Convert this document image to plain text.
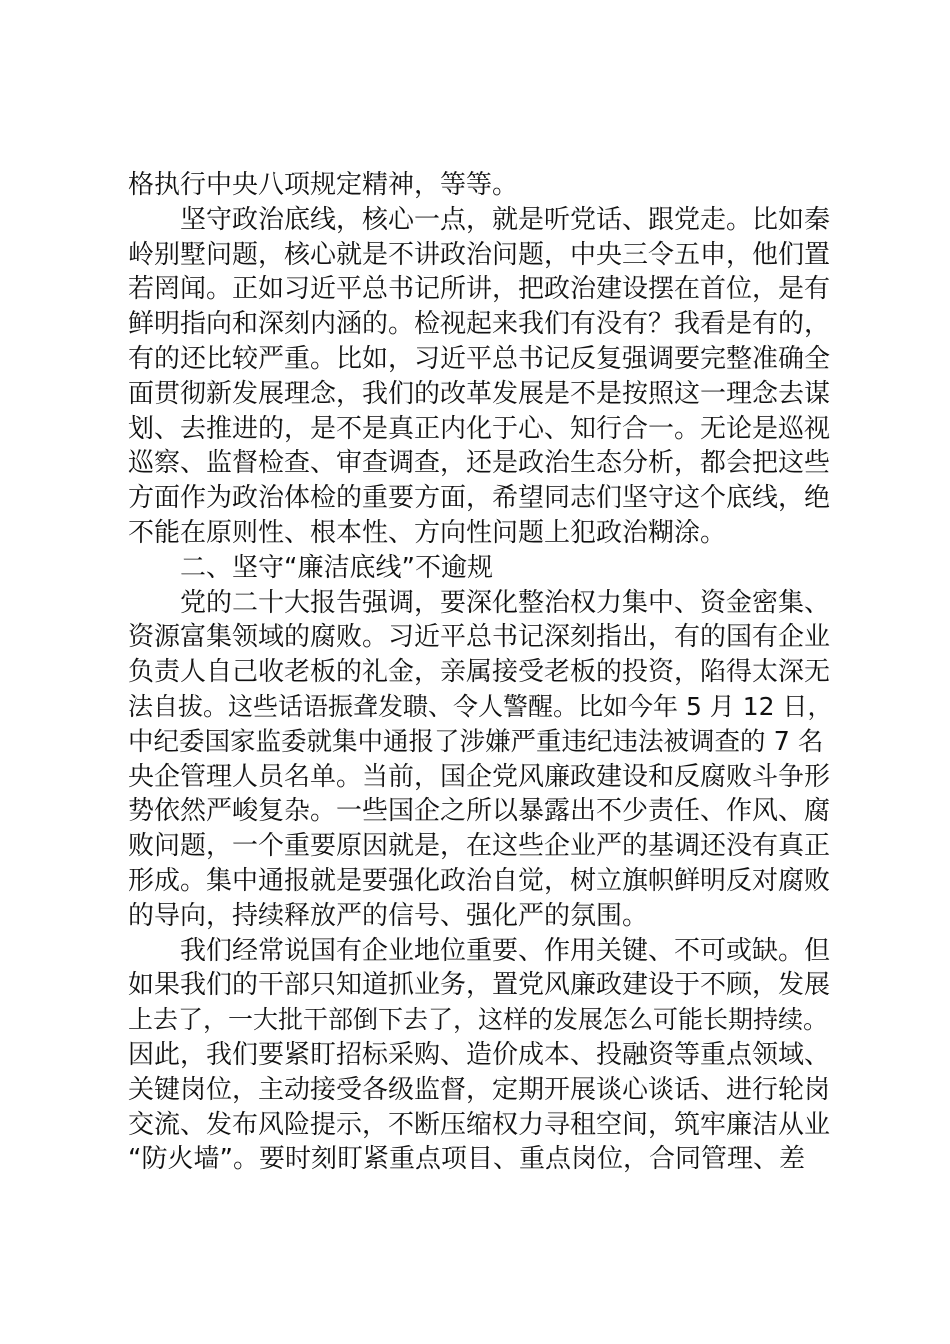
格执行中央八项规定精神，等等。
坚守政治底线，核心一点，就是听党话、跟党走。比如秦
岭别墅问题，核心就是不讲政治问题，中央三令五申，他们置
若罔闻。正如习近平总书记所讲，把政治建设摆在首位，是有
鲜明指向和深刻内涵的。检视起来我们有没有？我看是有的，
有的还比较严重。比如，习近平总书记反复强调要完整准确全
面贯彻新发展理念，我们的改革发展是不是按照这一理念去谋
划、去推进的，是不是真正内化于心、知行合一。无论是巡视
巡察、监督检查、审查调查，还是政治生态分析，都会把这些
方面作为政治体检的重要方面，希望同志们坚守这个底线，绝
不能在原则性、根本性、方向性问题上犯政治糊涂。
二、坚守“廉洁底线”不逾规
党的二十大报告强调，要深化整治权力集中、资金密集、
资源富集领域的腐败。习近平总书记深刻指出，有的国有企业
负责人自己收老板的礼金，亲属接受老板的投资，陷得太深无
法自拔。这些话语振聋发聩、令人警醒。比如今年 5 月 12 日，
中纪委国家监委就集中通报了涉嫌严重违纪违法被调查的 7 名
央企管理人员名单。当前，国企党风廉政建设和反腐败斗争形
势依然严峻复杂。一些国企之所以暴露出不少责任、作风、腐
败问题，一个重要原因就是，在这些企业严的基调还没有真正
形成。集中通报就是要强化政治自觉，树立旗帜鲜明反对腐败
的导向，持续释放严的信号、强化严的氛围。
我们经常说国有企业地位重要、作用关键、不可或缺。但
如果我们的干部只知道抓业务，置党风廉政建设于不顾，发展
上去了，一大批干部倒下去了，这样的发展怎么可能长期持续。
因此，我们要紧盯招标采购、造价成本、投融资等重点领域、
关键岗位，主动接受各级监督，定期开展谈心谈话、进行轮岗
交流、发布风险提示，不断压缩权力寻租空间，筑牢廉洁从业
“防火墙”。要时刻盯紧重点项目、重点岗位，合同管理、差
